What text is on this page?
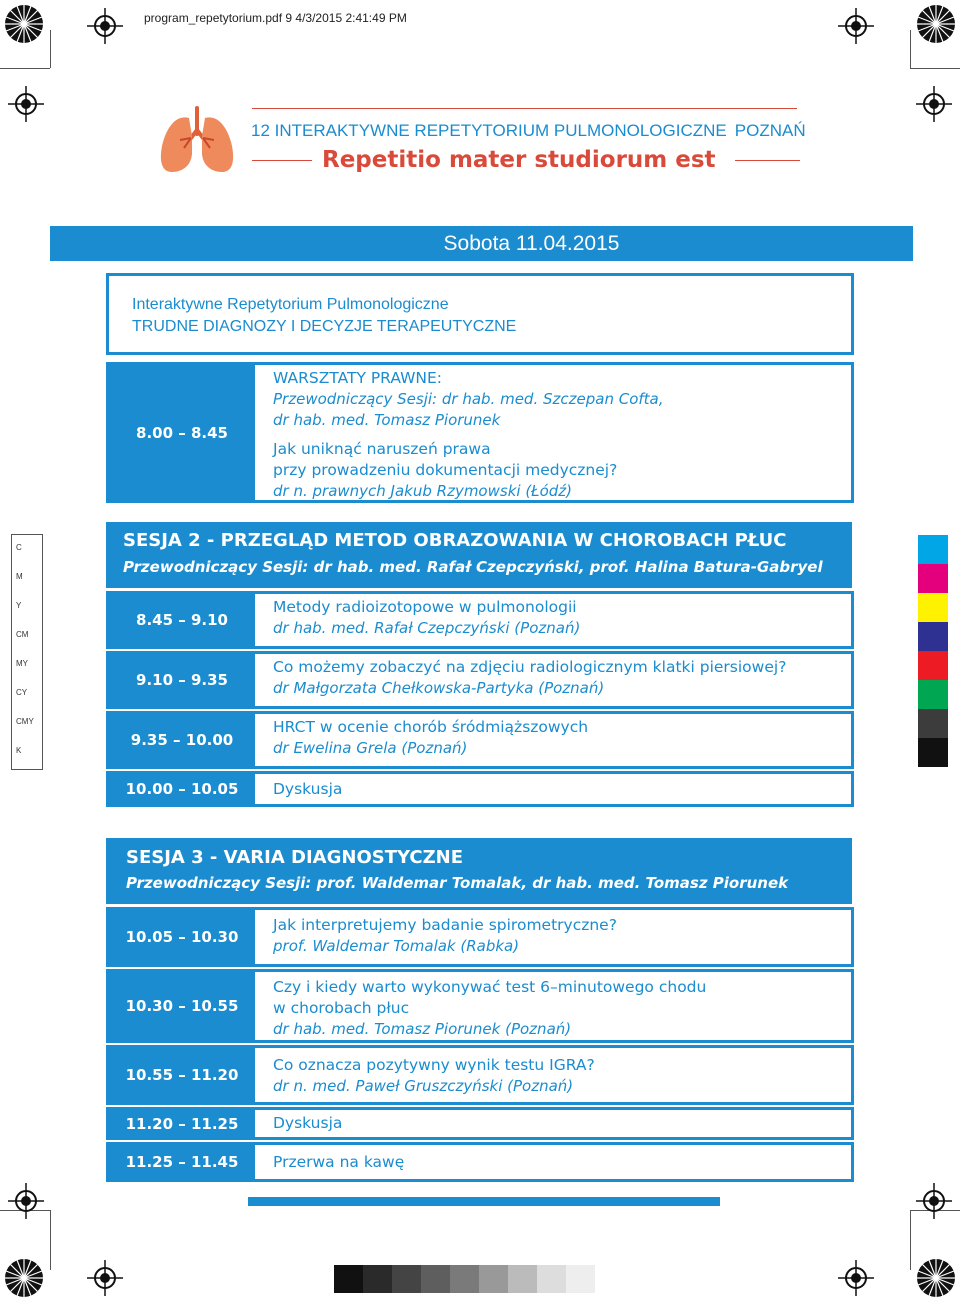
program_repetytorium.pdf 9 4/3/2015 2:41:49 PM
12 INTERAKTYWNE REPETYTORIUM PULMONOLOGICZNE POZNAŃ
Repetitio mater studiorum est
Sobota 11.04.2015
Interaktywne Repetytorium Pulmonologiczne
TRUDNE DIAGNOZY I DECYZJE TERAPEUTYCZNE
8.00 – 8.45
WARSZTATY PRAWNE:
Przewodniczący Sesji: dr hab. med. Szczepan Cofta,
dr hab. med. Tomasz Piorunek
Jak uniknąć naruszeń prawa
przy prowadzeniu dokumentacji medycznej?
dr n. prawnych Jakub Rzymowski (Łódź)
SESJA 2 - PRZEGLĄD METOD OBRAZOWANIA W CHOROBACH PŁUC
Przewodniczący Sesji: dr hab. med. Rafał Czepczyński, prof. Halina Batura-Gabryel
8.45 – 9.10
Metody radioizotopowe w pulmonologii
dr hab. med. Rafał Czepczyński (Poznań)
9.10 – 9.35
Co możemy zobaczyć na zdjęciu radiologicznym klatki piersiowej?
dr Małgorzata Chełkowska-Partyka (Poznań)
9.35 – 10.00
HRCT w ocenie chorób śródmiąższowych
dr Ewelina Grela (Poznań)
10.00 – 10.05	Dyskusja
SESJA 3 - VARIA DIAGNOSTYCZNE
Przewodniczący Sesji: prof. Waldemar Tomalak, dr hab. med. Tomasz Piorunek
10.05 – 10.30
Jak interpretujemy badanie spirometryczne?
prof. Waldemar Tomalak (Rabka)
10.30 – 10.55
Czy i kiedy warto wykonywać test 6–minutowego chodu
w chorobach płuc
dr hab. med. Tomasz Piorunek (Poznań)
10.55 – 11.20
Co oznacza pozytywny wynik testu IGRA?
dr n. med. Paweł Gruszczyński (Poznań)
11.20 – 11.25	Dyskusja
11.25 – 11.45	Przerwa na kawę
C
M
Y
CM
MY
CY
CMY
K
